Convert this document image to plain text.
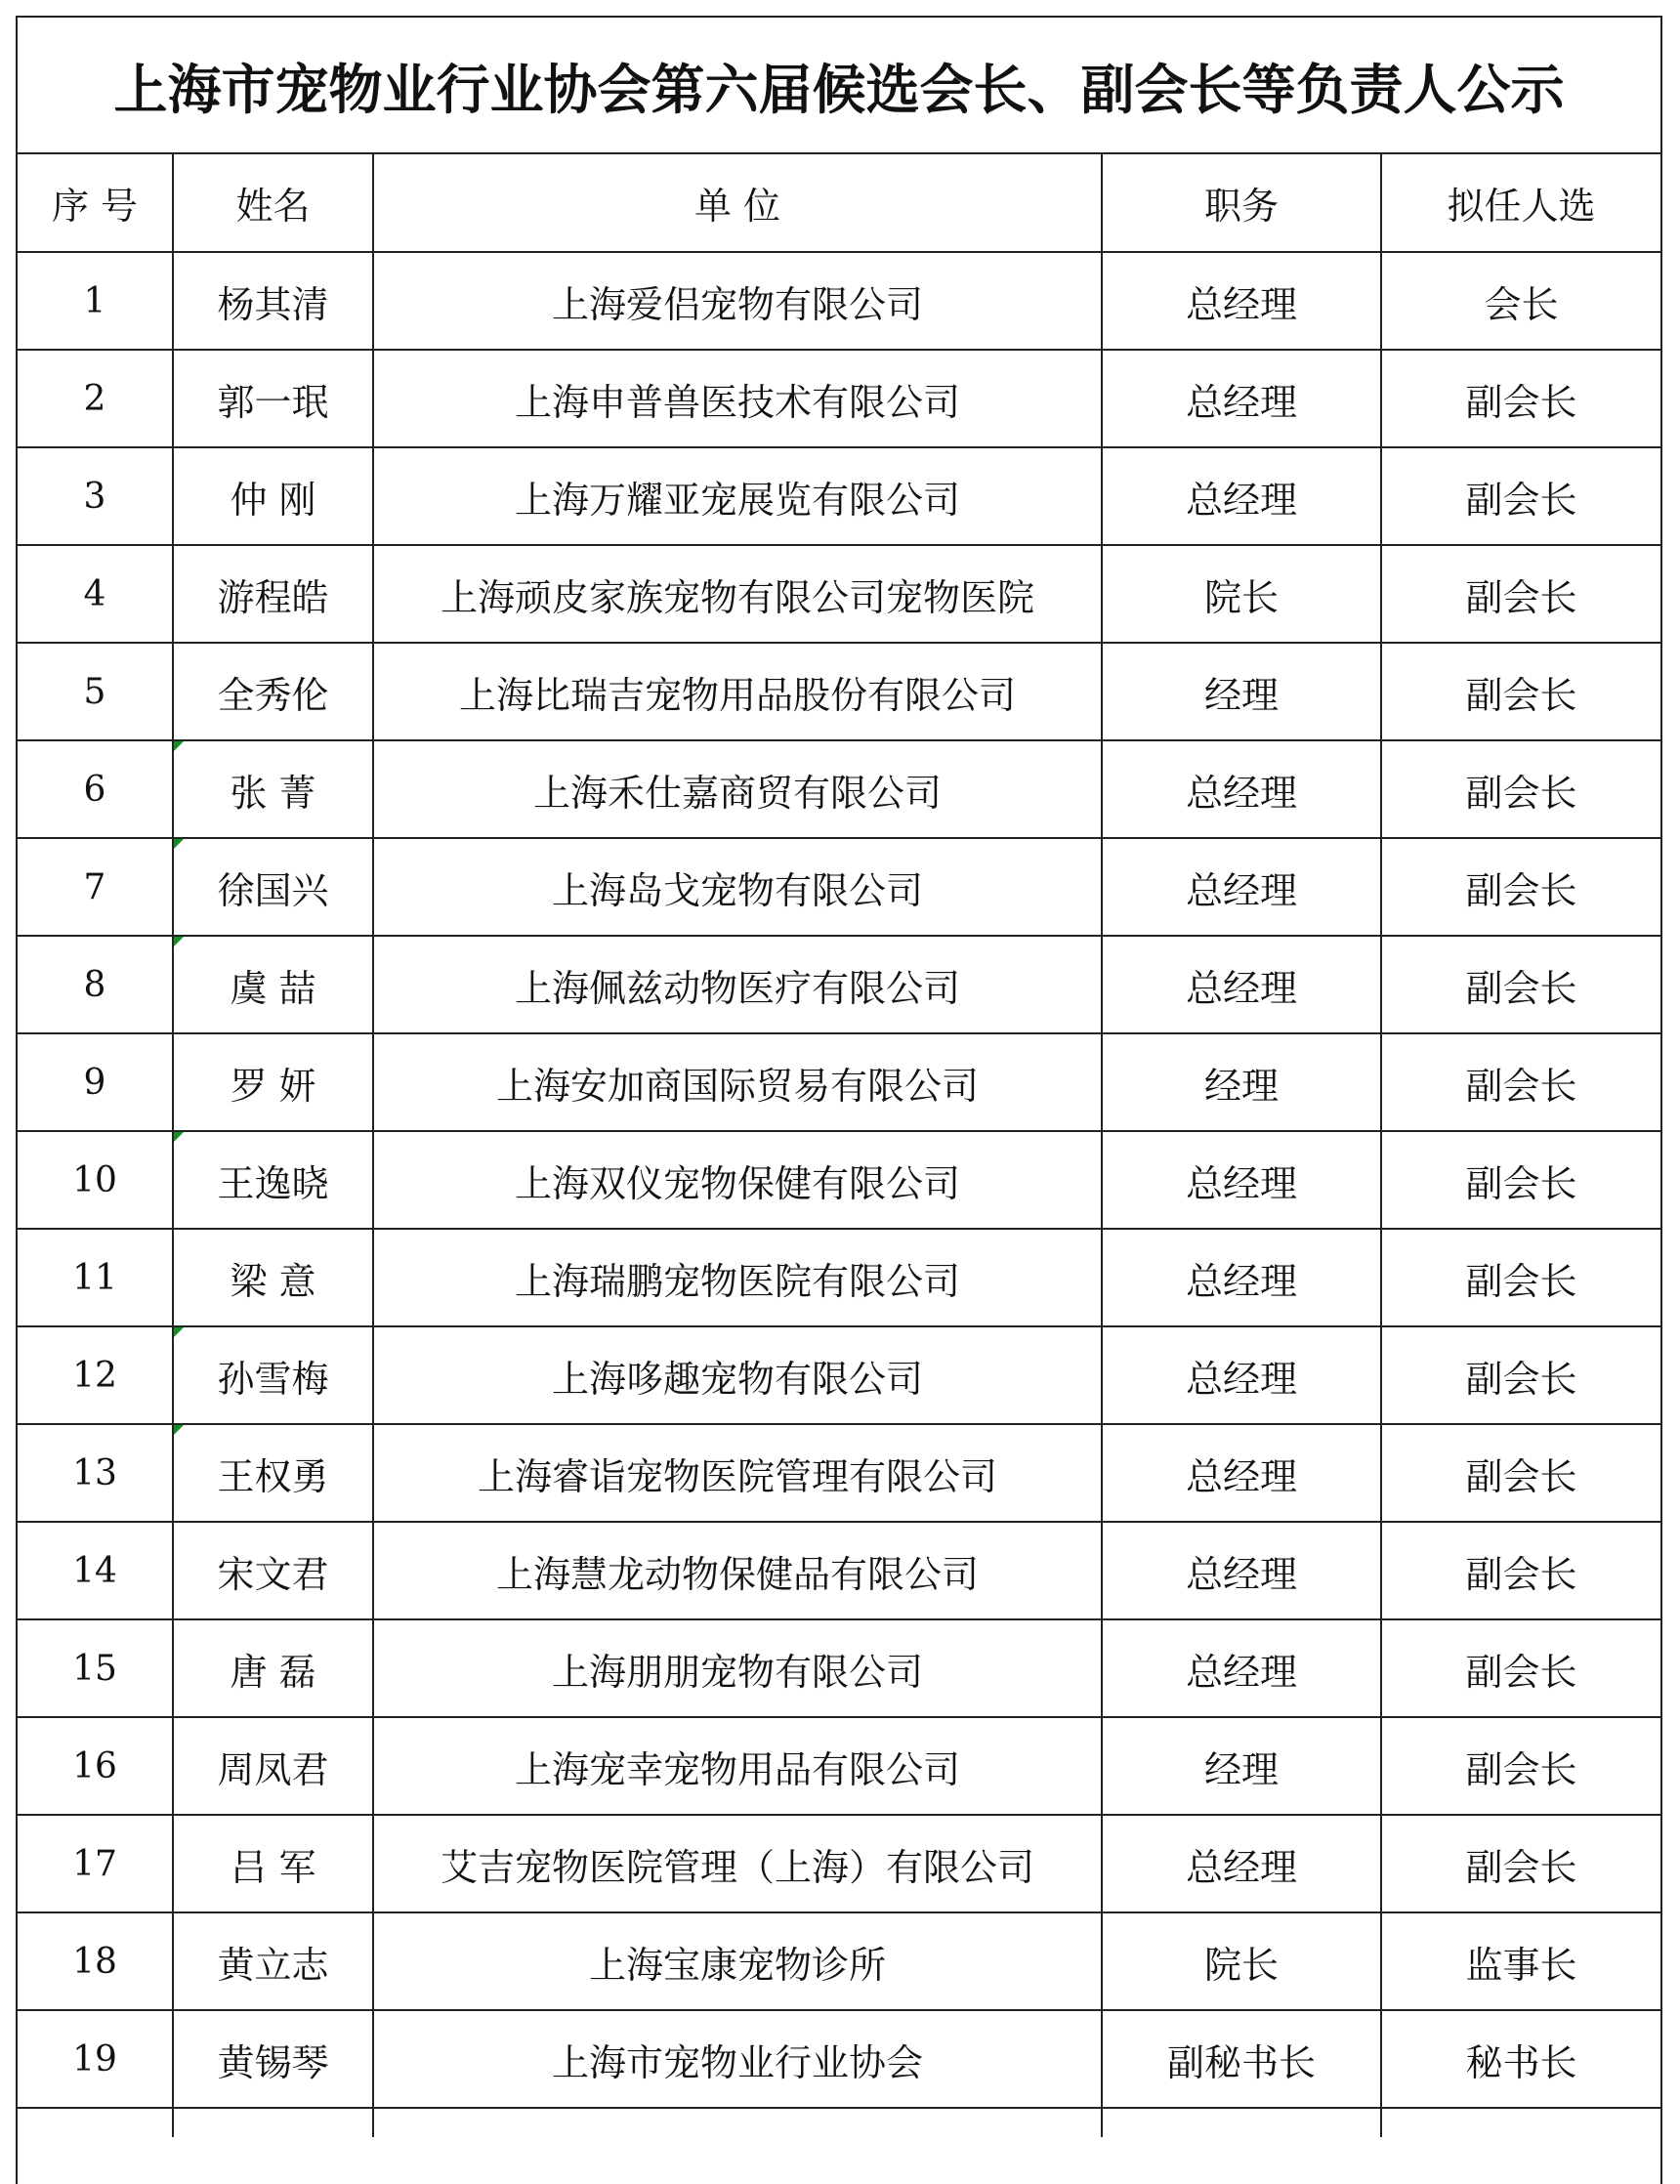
上海市宠物业行业协会第六届候选会长、副会长等负责人公示
序 号	姓名	单 位	职务	拟任人选
1	杨其清	上海爱侣宠物有限公司	总经理	会长
2	郭一珉	上海申普兽医技术有限公司	总经理	副会长
3	仲 刚	上海万耀亚宠展览有限公司	总经理	副会长
4	游程皓	上海顽皮家族宠物有限公司宠物医院	院长	副会长
5	全秀伦	上海比瑞吉宠物用品股份有限公司	经理	副会长
6	张 菁	上海禾仕嘉商贸有限公司	总经理	副会长
7	徐国兴	上海岛戈宠物有限公司	总经理	副会长
8	虞 喆	上海佩兹动物医疗有限公司	总经理	副会长
9	罗 妍	上海安加商国际贸易有限公司	经理	副会长
10	王逸晓	上海双仪宠物保健有限公司	总经理	副会长
11	梁 意	上海瑞鹏宠物医院有限公司	总经理	副会长
12	孙雪梅	上海哆趣宠物有限公司	总经理	副会长
13	王权勇	上海睿诣宠物医院管理有限公司	总经理	副会长
14	宋文君	上海慧龙动物保健品有限公司	总经理	副会长
15	唐 磊	上海朋朋宠物有限公司	总经理	副会长
16	周凤君	上海宠幸宠物用品有限公司	经理	副会长
17	吕 军	艾吉宠物医院管理（上海）有限公司	总经理	副会长
18	黄立志	上海宝康宠物诊所	院长	监事长
19	黄锡琴	上海市宠物业行业协会	副秘书长	秘书长
